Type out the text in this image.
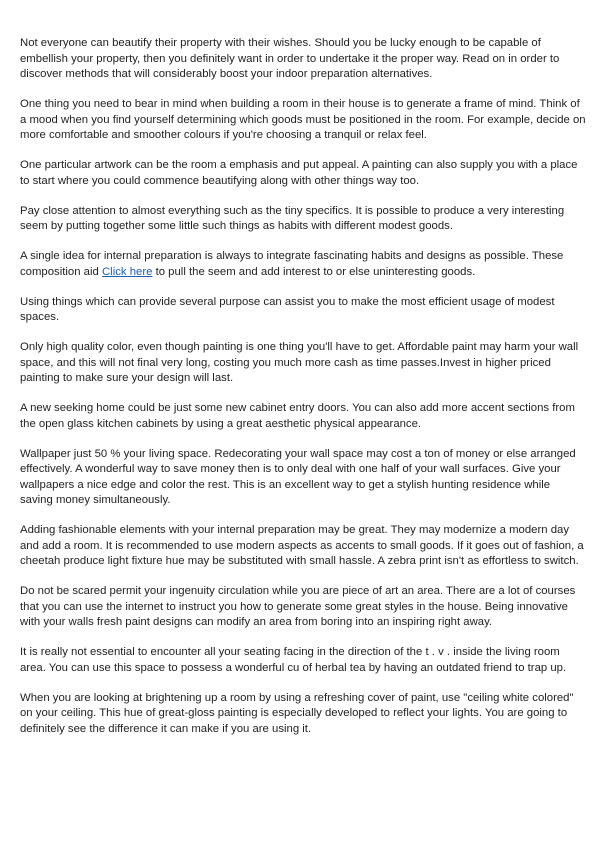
Not everyone can beautify their property with their wishes. Should you be lucky enough to be capable of embellish your property, then you definitely want in order to undertake it the proper way. Read on in order to discover methods that will considerably boost your indoor preparation alternatives.

One thing you need to bear in mind when building a room in their house is to generate a frame of mind. Think of a mood when you find yourself determining which goods must be positioned in the room. For example, decide on more comfortable and smoother colours if you're choosing a tranquil or relax feel.

One particular artwork can be the room a emphasis and put appeal. A painting can also supply you with a place to start where you could commence beautifying along with other things way too.

Pay close attention to almost everything such as the tiny specifics. It is possible to produce a very interesting seem by putting together some little such things as habits with different modest goods.

A single idea for internal preparation is always to integrate fascinating habits and designs as possible. These composition aid Click here to pull the seem and add interest to or else uninteresting goods.

Using things which can provide several purpose can assist you to make the most efficient usage of modest spaces.

Only high quality color, even though painting is one thing you'll have to get. Affordable paint may harm your wall space, and this will not final very long, costing you much more cash as time passes.Invest in higher priced painting to make sure your design will last.

A new seeking home could be just some new cabinet entry doors. You can also add more accent sections from the open glass kitchen cabinets by using a great aesthetic physical appearance.

Wallpaper just 50 % your living space. Redecorating your wall space may cost a ton of money or else arranged effectively. A wonderful way to save money then is to only deal with one half of your wall surfaces. Give your wallpapers a nice edge and color the rest. This is an excellent way to get a stylish hunting residence while saving money simultaneously.

Adding fashionable elements with your internal preparation may be great. They may modernize a modern day and add a room. It is recommended to use modern aspects as accents to small goods. If it goes out of fashion, a cheetah produce light fixture hue may be substituted with small hassle. A zebra print isn't as effortless to switch.

Do not be scared permit your ingenuity circulation while you are piece of art an area. There are a lot of courses that you can use the internet to instruct you how to generate some great styles in the house. Being innovative with your walls fresh paint designs can modify an area from boring into an inspiring right away.

It is really not essential to encounter all your seating facing in the direction of the t . v . inside the living room area. You can use this space to possess a wonderful cu of herbal tea by having an outdated friend to trap up.

When you are looking at brightening up a room by using a refreshing cover of paint, use "ceiling white colored" on your ceiling. This hue of great-gloss painting is especially developed to reflect your lights. You are going to definitely see the difference it can make if you are using it.
